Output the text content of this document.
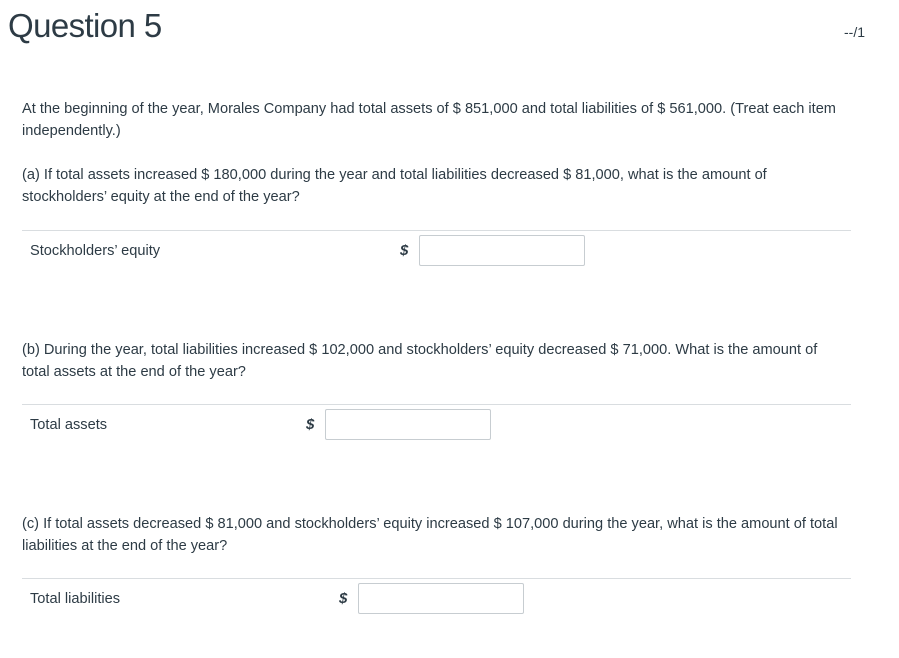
Question 5	--/1
At the beginning of the year, Morales Company had total assets of $ 851,000 and total liabilities of $ 561,000. (Treat each item independently.)
(a) If total assets increased $ 180,000 during the year and total liabilities decreased $ 81,000, what is the amount of stockholders’ equity at the end of the year?
Stockholders’ equity	$
(b) During the year, total liabilities increased $ 102,000 and stockholders’ equity decreased $ 71,000. What is the amount of total assets at the end of the year?
Total assets	$
(c) If total assets decreased $ 81,000 and stockholders’ equity increased $ 107,000 during the year, what is the amount of total liabilities at the end of the year?
Total liabilities	$
